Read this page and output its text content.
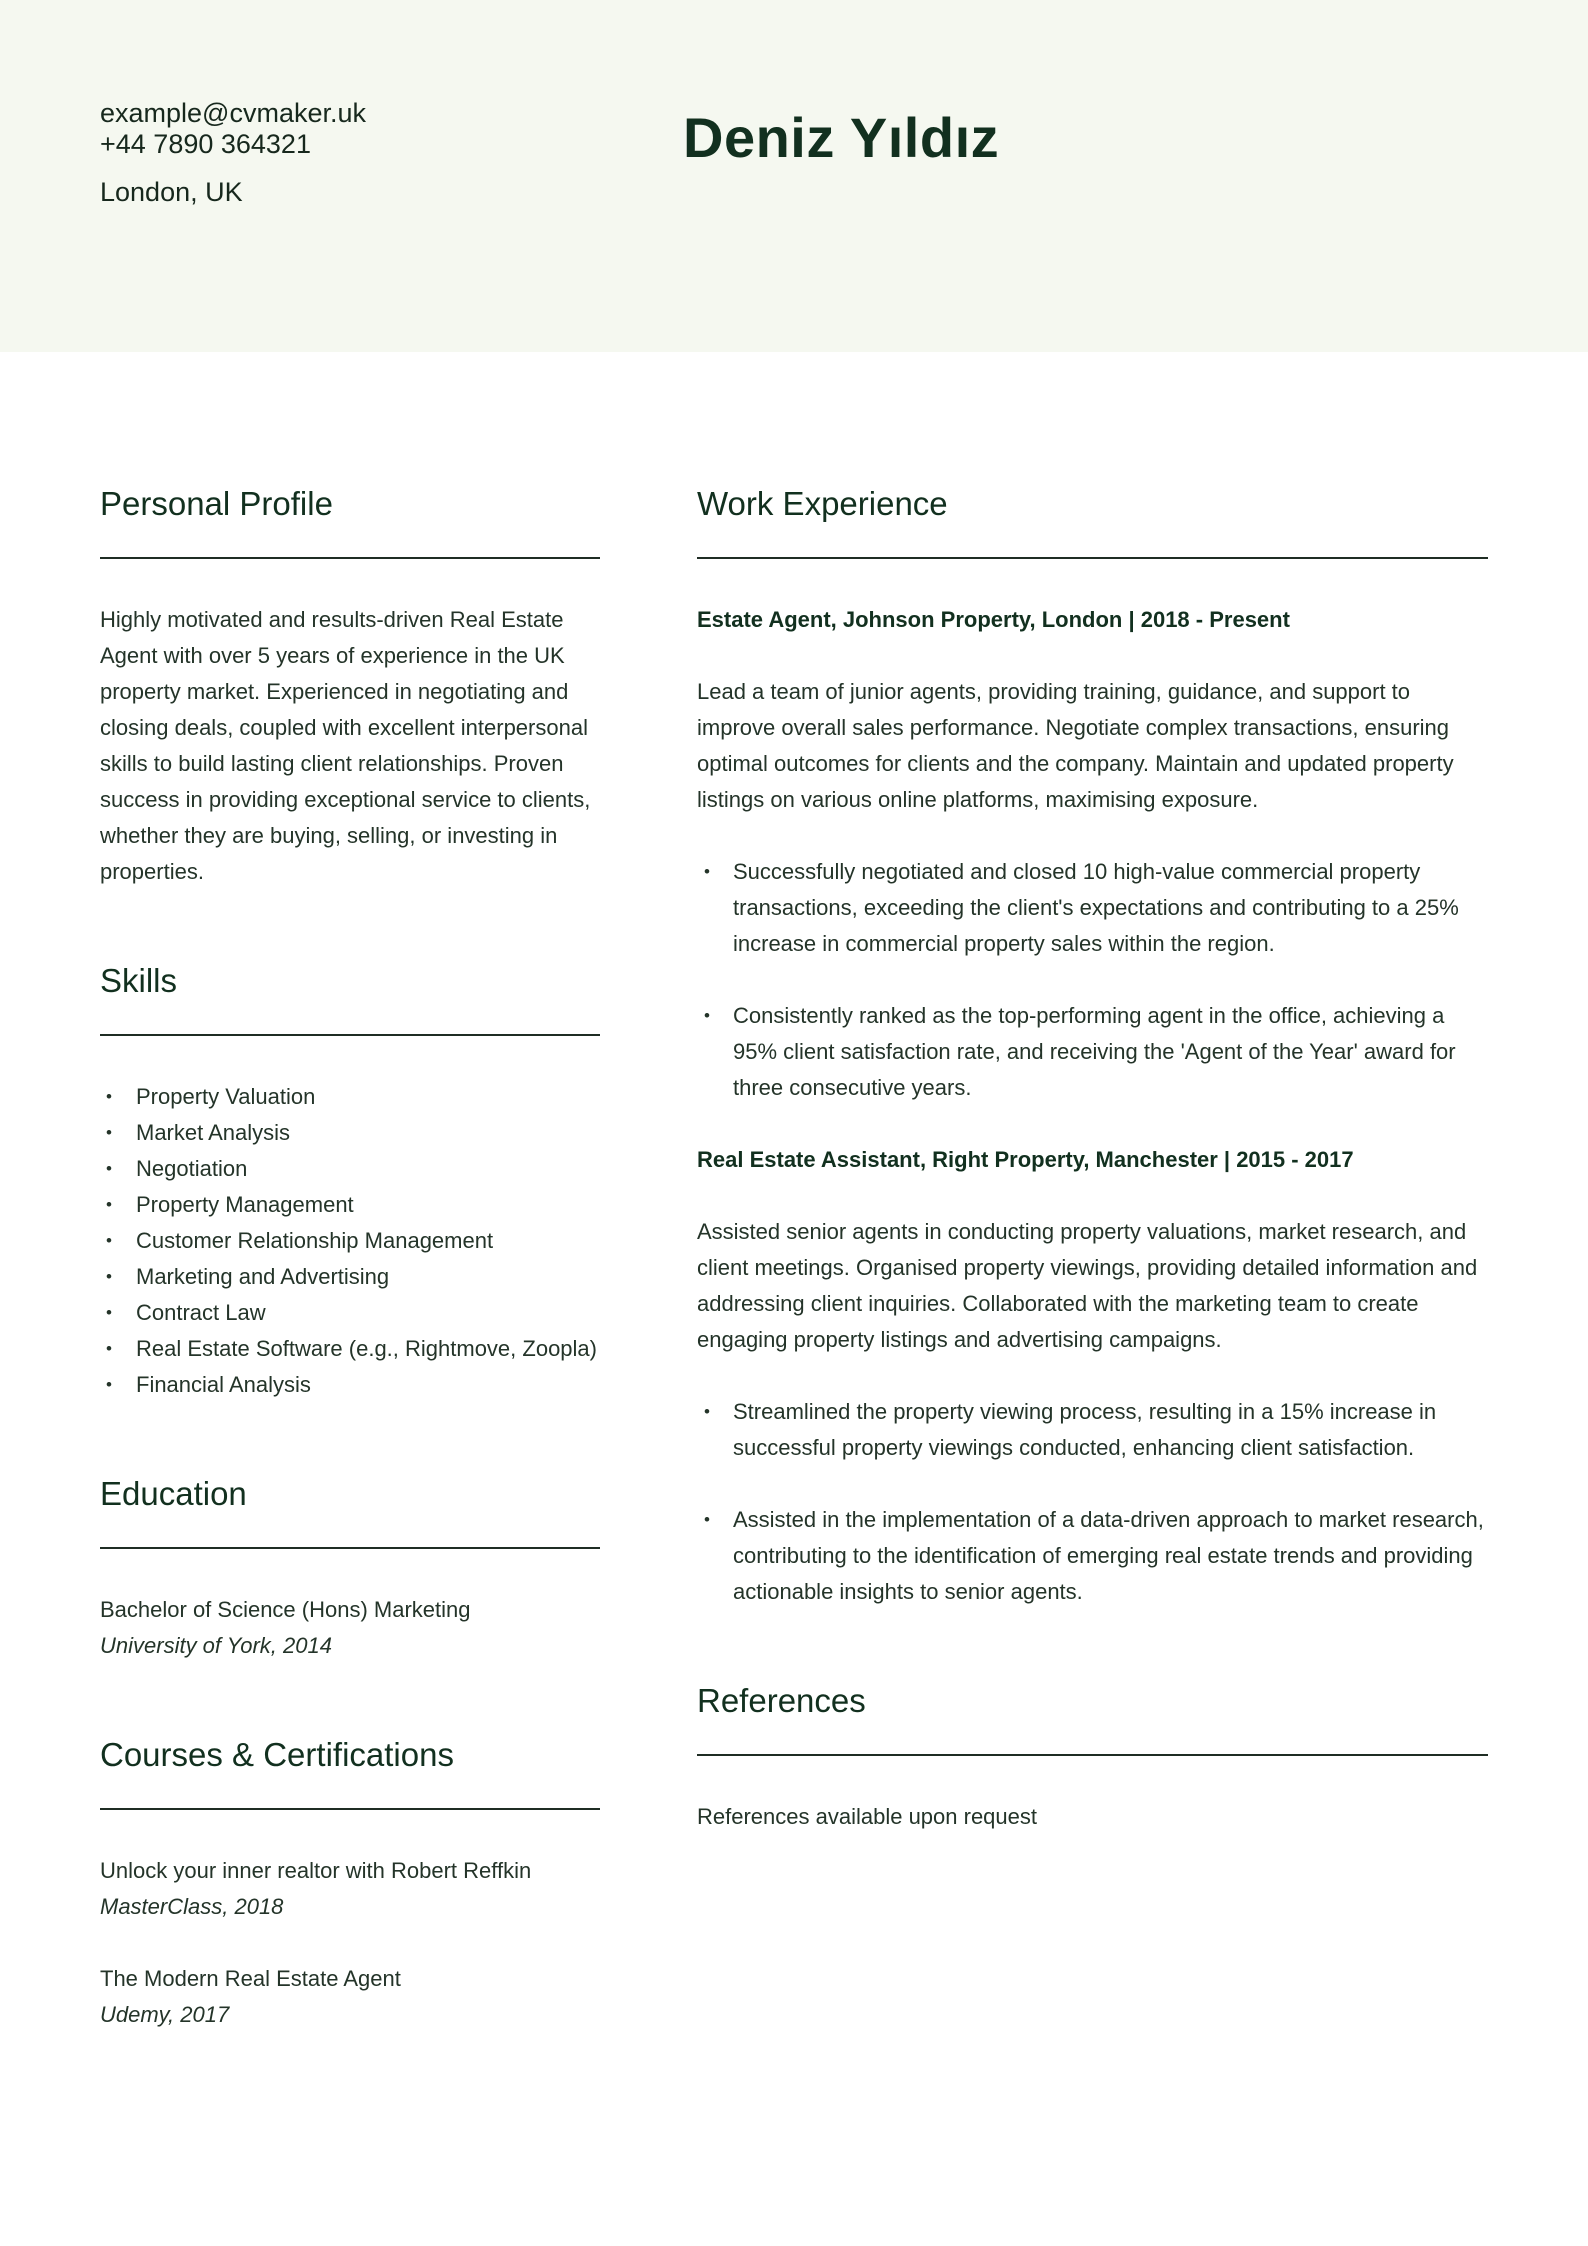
example@cvmaker.uk
+44 7890 364321
London, UK
Deniz Yıldız
Personal Profile

Highly motivated and results-driven Real Estate Agent with over 5 years of experience in the UK property market. Experienced in negotiating and closing deals, coupled with excellent interpersonal skills to build lasting client relationships. Proven success in providing exceptional service to clients, whether they are buying, selling, or investing in properties.

Skills
• Property Valuation
• Market Analysis
• Negotiation
• Property Management
• Customer Relationship Management
• Marketing and Advertising
• Contract Law
• Real Estate Software (e.g., Rightmove, Zoopla)
• Financial Analysis
Education
Bachelor of Science (Hons) Marketing
University of York, 2014
Courses & Certifications
Unlock your inner realtor with Robert Reffkin
MasterClass, 2018
The Modern Real Estate Agent
Udemy, 2017
Work Experience
Estate Agent, Johnson Property, London | 2018 - Present

Lead a team of junior agents, providing training, guidance, and support to improve overall sales performance. Negotiate complex transactions, ensuring optimal outcomes for clients and the company. Maintain and updated property listings on various online platforms, maximising exposure.

• Successfully negotiated and closed 10 high-value commercial property transactions, exceeding the client's expectations and contributing to a 25% increase in commercial property sales within the region.
• Consistently ranked as the top-performing agent in the office, achieving a 95% client satisfaction rate, and receiving the 'Agent of the Year' award for three consecutive years.
Real Estate Assistant, Right Property, Manchester | 2015 - 2017

Assisted senior agents in conducting property valuations, market research, and client meetings. Organised property viewings, providing detailed information and addressing client inquiries. Collaborated with the marketing team to create engaging property listings and advertising campaigns.

• Streamlined the property viewing process, resulting in a 15% increase in successful property viewings conducted, enhancing client satisfaction.
• Assisted in the implementation of a data-driven approach to market research, contributing to the identification of emerging real estate trends and providing actionable insights to senior agents.
References

References available upon request
